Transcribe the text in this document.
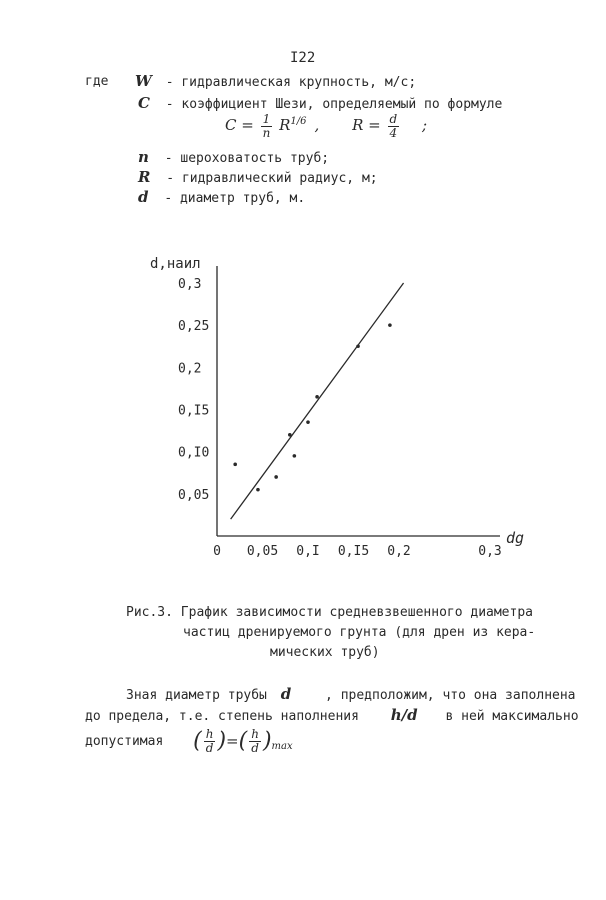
I22
где W - гидравлическая крупность, м/с;
C - коэффициент Шези, определяемый по формуле
$C = \frac{1}{n} R^{1/6}$ , $R = \frac{d}{4}$ ;
n - шероховатость труб;
R - гидравлический радиус, м;
d - диаметр труб, м.
d,наил
dg
0,05
0,I0
0,I5
0,2
0,25
0,3
0 0,05 0,I 0,I5 0,2	0,3
Рис.3. График зависимости средневзвешенного диаметра
частиц дренируемого грунта (для дрен из кера-
мических труб)
Зная диаметр трубы d	, предположим, что она заполнена
до предела, т.е. степень наполнения h/d в ней максимально
допустимая ( $\frac{h}{d}$ )=( $\frac{h}{d} )_{max}$
